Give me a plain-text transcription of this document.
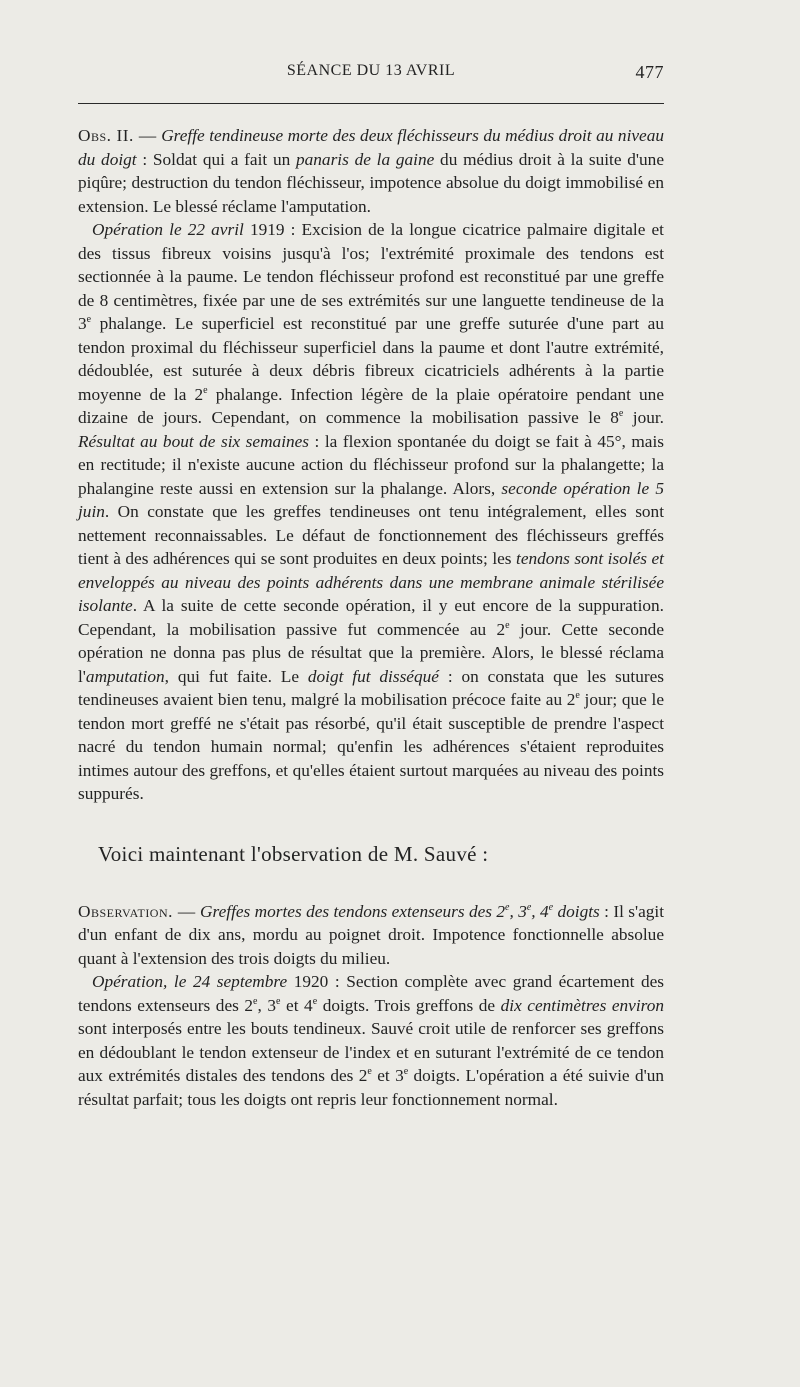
SÉANCE DU 13 AVRIL	477

Obs. II. — Greffe tendineuse morte des deux fléchisseurs du médius droit au niveau du doigt : Soldat qui a fait un panaris de la gaine du médius droit à la suite d'une piqûre; destruction du tendon fléchisseur, impotence absolue du doigt immobilisé en extension. Le blessé réclame l'amputation.

Opération le 22 avril 1919 : Excision de la longue cicatrice palmaire digitale et des tissus fibreux voisins jusqu'à l'os; l'extrémité proximale des tendons est sectionnée à la paume. Le tendon fléchisseur profond est reconstitué par une greffe de 8 centimètres, fixée par une de ses extrémités sur une languette tendineuse de la 3e phalange. Le superficiel est reconstitué par une greffe suturée d'une part au tendon proximal du fléchisseur superficiel dans la paume et dont l'autre extrémité, dédoublée, est suturée à deux débris fibreux cicatriciels adhérents à la partie moyenne de la 2e phalange. Infection légère de la plaie opératoire pendant une dizaine de jours. Cependant, on commence la mobilisation passive le 8e jour. Résultat au bout de six semaines : la flexion spontanée du doigt se fait à 45°, mais en rectitude; il n'existe aucune action du fléchisseur profond sur la phalangette; la phalangine reste aussi en extension sur la phalange. Alors, seconde opération le 5 juin. On constate que les greffes tendineuses ont tenu intégralement, elles sont nettement reconnaissables. Le défaut de fonctionnement des fléchisseurs greffés tient à des adhérences qui se sont produites en deux points; les tendons sont isolés et enveloppés au niveau des points adhérents dans une membrane animale stérilisée isolante. A la suite de cette seconde opération, il y eut encore de la suppuration. Cependant, la mobilisation passive fut commencée au 2e jour. Cette seconde opération ne donna pas plus de résultat que la première. Alors, le blessé réclama l'amputation, qui fut faite. Le doigt fut disséqué : on constata que les sutures tendineuses avaient bien tenu, malgré la mobilisation précoce faite au 2e jour; que le tendon mort greffé ne s'était pas résorbé, qu'il était susceptible de prendre l'aspect nacré du tendon humain normal; qu'enfin les adhérences s'étaient reproduites intimes autour des greffons, et qu'elles étaient surtout marquées au niveau des points suppurés.

Voici maintenant l'observation de M. Sauvé :

Observation. — Greffes mortes des tendons extenseurs des 2e, 3e, 4e doigts : Il s'agit d'un enfant de dix ans, mordu au poignet droit. Impotence fonctionnelle absolue quant à l'extension des trois doigts du milieu.

Opération, le 24 septembre 1920 : Section complète avec grand écartement des tendons extenseurs des 2e, 3e et 4e doigts. Trois greffons de dix centimètres environ sont interposés entre les bouts tendineux. Sauvé croit utile de renforcer ses greffons en dédoublant le tendon extenseur de l'index et en suturant l'extrémité de ce tendon aux extrémités distales des tendons des 2e et 3e doigts. L'opération a été suivie d'un résultat parfait; tous les doigts ont repris leur fonctionnement normal.
